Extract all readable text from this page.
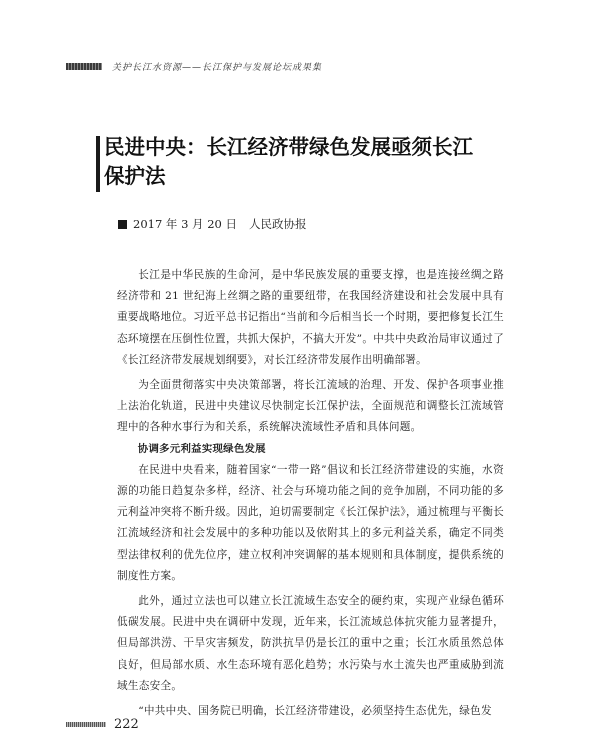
关护长江水资源——长江保护与发展论坛成果集
民进中央：长江经济带绿色发展亟须长江
保护法
2017 年 3 月 20 日 人民政协报

长江是中华民族的生命河，是中华民族发展的重要支撑，也是连接丝绸之路经济带和 21 世纪海上丝绸之路的重要纽带，在我国经济建设和社会发展中具有重要战略地位。习近平总书记指出“当前和今后相当长一个时期，要把修复长江生态环境摆在压倒性位置，共抓大保护，不搞大开发”。中共中央政治局审议通过了《长江经济带发展规划纲要》，对长江经济带发展作出明确部署。

为全面贯彻落实中央决策部署，将长江流域的治理、开发、保护各项事业推上法治化轨道，民进中央建议尽快制定长江保护法，全面规范和调整长江流域管理中的各种水事行为和关系，系统解决流域性矛盾和具体问题。

协调多元利益实现绿色发展

在民进中央看来，随着国家“一带一路”倡议和长江经济带建设的实施，水资源的功能日趋复杂多样，经济、社会与环境功能之间的竞争加剧，不同功能的多元利益冲突将不断升级。因此，迫切需要制定《长江保护法》，通过梳理与平衡长江流域经济和社会发展中的多种功能以及依附其上的多元利益关系，确定不同类型法律权利的优先位序，建立权利冲突调解的基本规则和具体制度，提供系统的制度性方案。

此外，通过立法也可以建立长江流域生态安全的硬约束，实现产业绿色循环低碳发展。民进中央在调研中发现，近年来，长江流域总体抗灾能力显著提升，但局部洪涝、干旱灾害频发，防洪抗旱仍是长江的重中之重；长江水质虽然总体良好，但局部水质、水生态环境有恶化趋势；水污染与水土流失也严重威胁到流域生态安全。

“中共中央、国务院已明确，长江经济带建设，必须坚持生态优先，绿色发

222
